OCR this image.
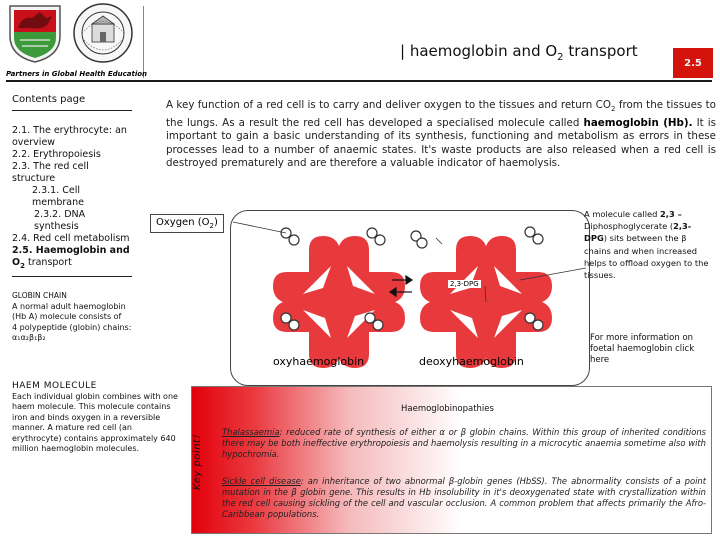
Partners in Global Health Education
| haemoglobin and $O_2$ transport
2.5
Contents page
2.1. The erythrocyte: an overview
2.2. Erythropoiesis
2.3. The red cell structure
2.3.1. Cell membrane
2.3.2. DNA synthesis
2.4. Red cell metabolism
2.5. Haemoglobin and $O_2$ transport
GLOBIN CHAIN
A normal adult haemoglobin
(Hb A) molecule consists of
4 polypeptide (globin) chains:
α₁α₂β₁β₂
HAEM MOLECULE
Each individual globin combines with one haem molecule. This molecule contains iron and binds oxygen in a reversible manner. A mature red cell (an erythrocyte) contains approximately 640 million haemoglobin molecules.
A key function of a red cell is to carry and deliver oxygen to the tissues and return $CO_2$ from the tissues to the lungs. As a result the red cell has developed a specialised molecule called haemoglobin (Hb). It is important to gain a basic understanding of its synthesis, functioning and metabolism as errors in these processes lead to a number of anaemic states. It's waste products are also released when a red cell is destroyed prematurely and are therefore a valuable indicator of haemolysis.
Oxygen $(O_2)$
2,3-DPG
oxyhaemoglobin	deoxyhaemoglobin
A molecule called 2,3 – Diphosphoglycerate (2,3-DPG) sits between the β chains and when increased helps to offload oxygen to the tissues.
For more information on foetal haemoglobin click here
Key point!
Haemoglobinopathies
Thalassaemia: reduced rate of synthesis of either α or β globin chains. Within this group of inherited conditions there may be both ineffective erythropoiesis and haemolysis resulting in a microcytic anaemia sometime also with hypochromia.
Sickle cell disease: an inheritance of two abnormal β-globin genes (HbSS). The abnormality consists of a point mutation in the β globin gene. This results in Hb insolubility in it's deoxygenated state with crystallization within the red cell causing sickling of the cell and vascular occlusion. A common problem that affects primarily the Afro-Caribbean populations.
